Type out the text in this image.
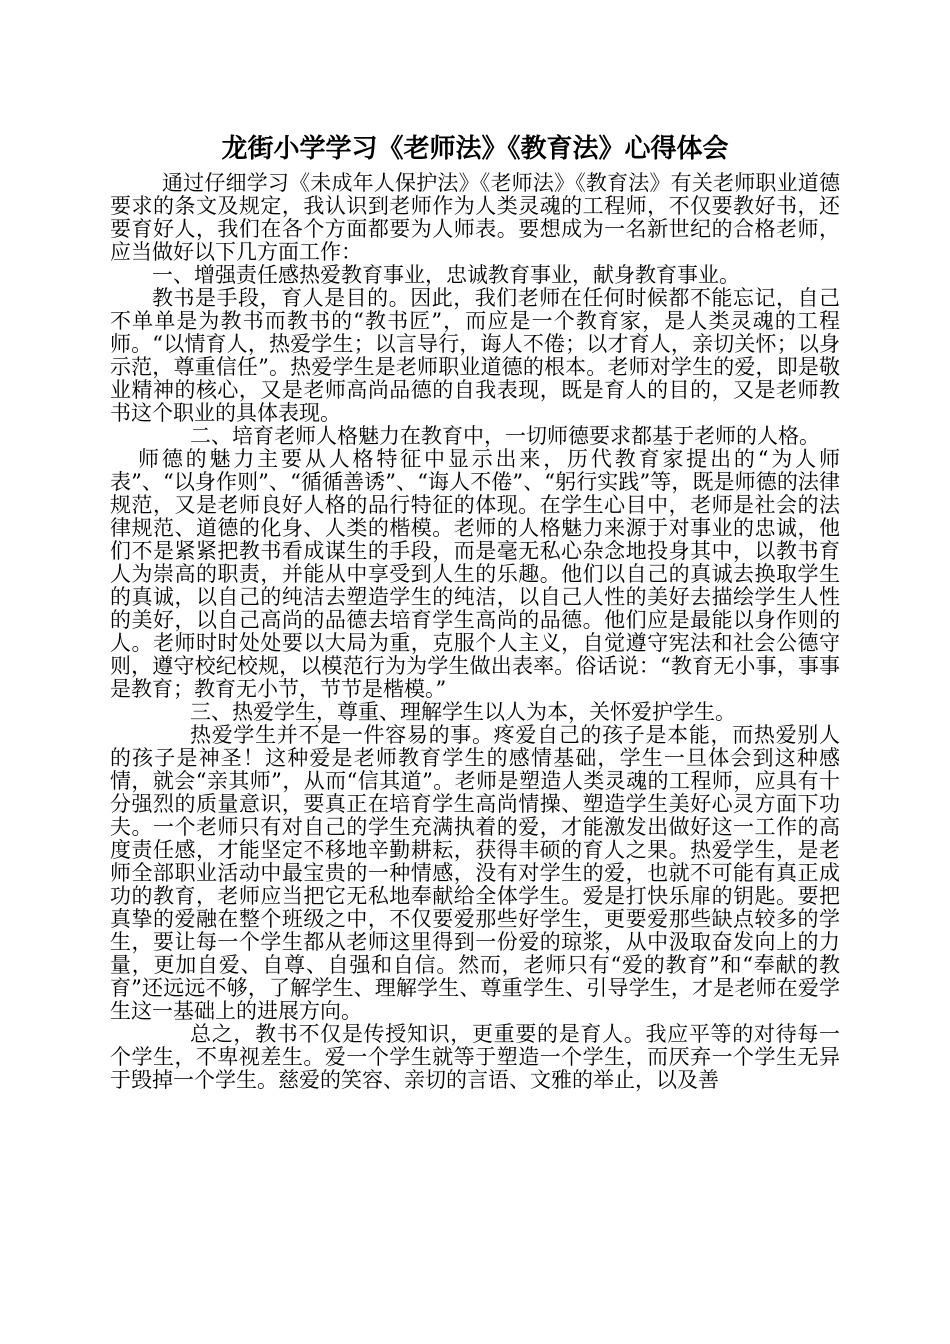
龙街小学学习《老师法》《教育法》心得体会

通过仔细学习《未成年人保护法》《老师法》《教育法》有关老师职业道德要求的条文及规定，我认识到老师作为人类灵魂的工程师，不仅要教好书，还要育好人，我们在各个方面都要为人师表。要想成为一名新世纪的合格老师，应当做好以下几方面工作：

一、增强责任感热爱教育事业，忠诚教育事业，献身教育事业。

教书是手段，育人是目的。因此，我们老师在任何时候都不能忘记，自己不单单是为教书而教书的“教书匠”，而应是一个教育家，是人类灵魂的工程师。“以情育人，热爱学生；以言导行，诲人不倦；以才育人，亲切关怀；以身示范，尊重信任”。热爱学生是老师职业道德的根本。老师对学生的爱，即是敬业精神的核心，又是老师高尚品德的自我表现，既是育人的目的，又是老师教书这个职业的具体表现。

二、培育老师人格魅力在教育中，一切师德要求都基于老师的人格。

师德的魅力主要从人格特征中显示出来，历代教育家提出的“为人师表”、“以身作则”、“循循善诱”、“诲人不倦”、“躬行实践”等，既是师德的法律规范，又是老师良好人格的品行特征的体现。在学生心目中，老师是社会的法律规范、道德的化身、人类的楷模。老师的人格魅力来源于对事业的忠诚，他们不是紧紧把教书看成谋生的手段，而是毫无私心杂念地投身其中，以教书育人为崇高的职责，并能从中享受到人生的乐趣。他们以自己的真诚去换取学生的真诚，以自己的纯洁去塑造学生的纯洁，以自己人性的美好去描绘学生人性的美好，以自己高尚的品德去培育学生高尚的品德。他们应是最能以身作则的人。老师时时处处要以大局为重，克服个人主义，自觉遵守宪法和社会公德守则，遵守校纪校规，以模范行为为学生做出表率。俗话说：“教育无小事，事事是教育；教育无小节，节节是楷模。”

三、热爱学生，尊重、理解学生以人为本，关怀爱护学生。

热爱学生并不是一件容易的事。疼爱自己的孩子是本能，而热爱别人的孩子是神圣！这种爱是老师教育学生的感情基础，学生一旦体会到这种感情，就会“亲其师”，从而“信其道”。老师是塑造人类灵魂的工程师，应具有十分强烈的质量意识，要真正在培育学生高尚情操、塑造学生美好心灵方面下功夫。一个老师只有对自己的学生充满执着的爱，才能激发出做好这一工作的高度责任感，才能坚定不移地辛勤耕耘，获得丰硕的育人之果。热爱学生，是老师全部职业活动中最宝贵的一种情感，没有对学生的爱，也就不可能有真正成功的教育，老师应当把它无私地奉献给全体学生。爱是打快乐扉的钥匙。要把真挚的爱融在整个班级之中，不仅要爱那些好学生，更要爱那些缺点较多的学生，要让每一个学生都从老师这里得到一份爱的琼浆，从中汲取奋发向上的力量，更加自爱、自尊、自强和自信。然而，老师只有“爱的教育”和“奉献的教育”还远远不够，了解学生、理解学生、尊重学生、引导学生，才是老师在爱学生这一基础上的进展方向。

总之，教书不仅是传授知识，更重要的是育人。我应平等的对待每一个学生，不卑视差生。爱一个学生就等于塑造一个学生，而厌弃一个学生无异于毁掉一个学生。慈爱的笑容、亲切的言语、文雅的举止，以及善
